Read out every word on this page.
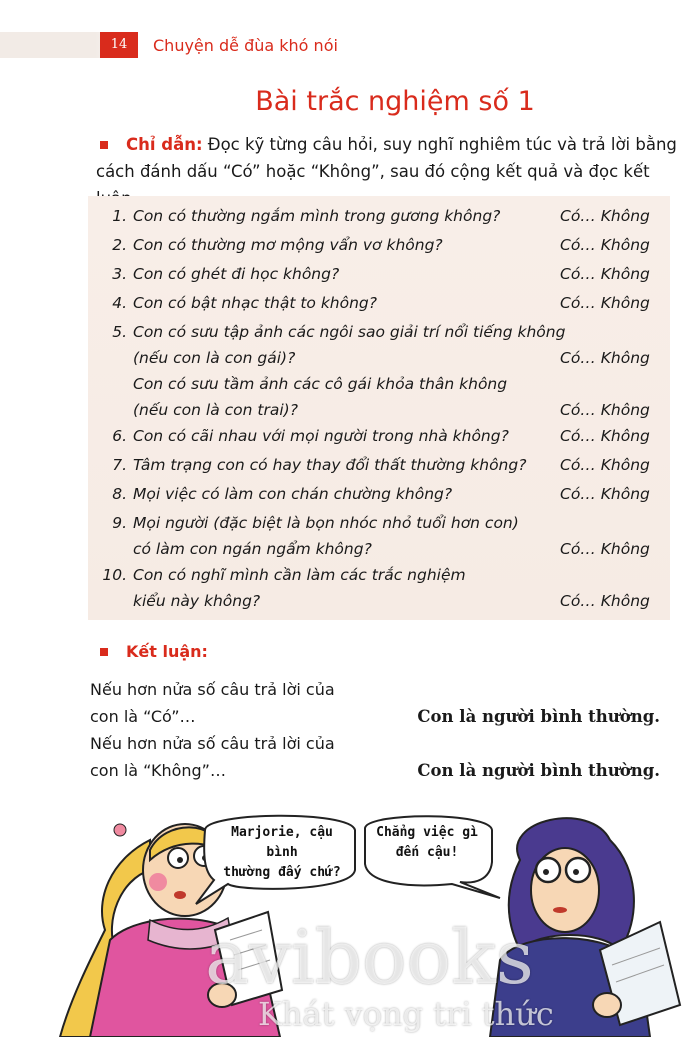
14	Chuyện dễ đùa khó nói
Bài trắc nghiệm số 1
Chỉ dẫn: Đọc kỹ từng câu hỏi, suy nghĩ nghiêm túc và trả lời bằng
cách đánh dấu “Có” hoặc “Không”, sau đó cộng kết quả và đọc kết
1. Con có thường ngắm mình trong gương không?	Có… Không
2. Con có thường mơ mộng vẩn vơ không?	Có… Không
3. Con có ghét đi học không?	Có… Không
4. Con có bật nhạc thật to không?	Có… Không
5. Con có sưu tập ảnh các ngôi sao giải trí nổi tiếng không
(nếu con là con gái)?	Có… Không
Con có sưu tầm ảnh các cô gái khỏa thân không
(nếu con là con trai)?	Có… Không
6. Con có cãi nhau với mọi người trong nhà không?	Có… Không
7. Tâm trạng con có hay thay đổi thất thường không? Có… Không
8. Mọi việc có làm con chán chường không?	Có… Không
9. Mọi người (đặc biệt là bọn nhóc nhỏ tuổi hơn con)
có làm con ngán ngẩm không?	Có… Không
10. Con có nghĩ mình cần làm các trắc nghiệm
kiểu này không?	Có… Không
Kết luận:
Nếu hơn nửa số câu trả lời của
con là “Có”…	Con là người bình thường.
Nếu hơn nửa số câu trả lời của
con là “Không”…	Con là người bình thường.
Marjorie, cậu bình
thường đấy chứ?
Chẳng việc gì
đến cậu!
avibooks
Khát vọng tri thức
